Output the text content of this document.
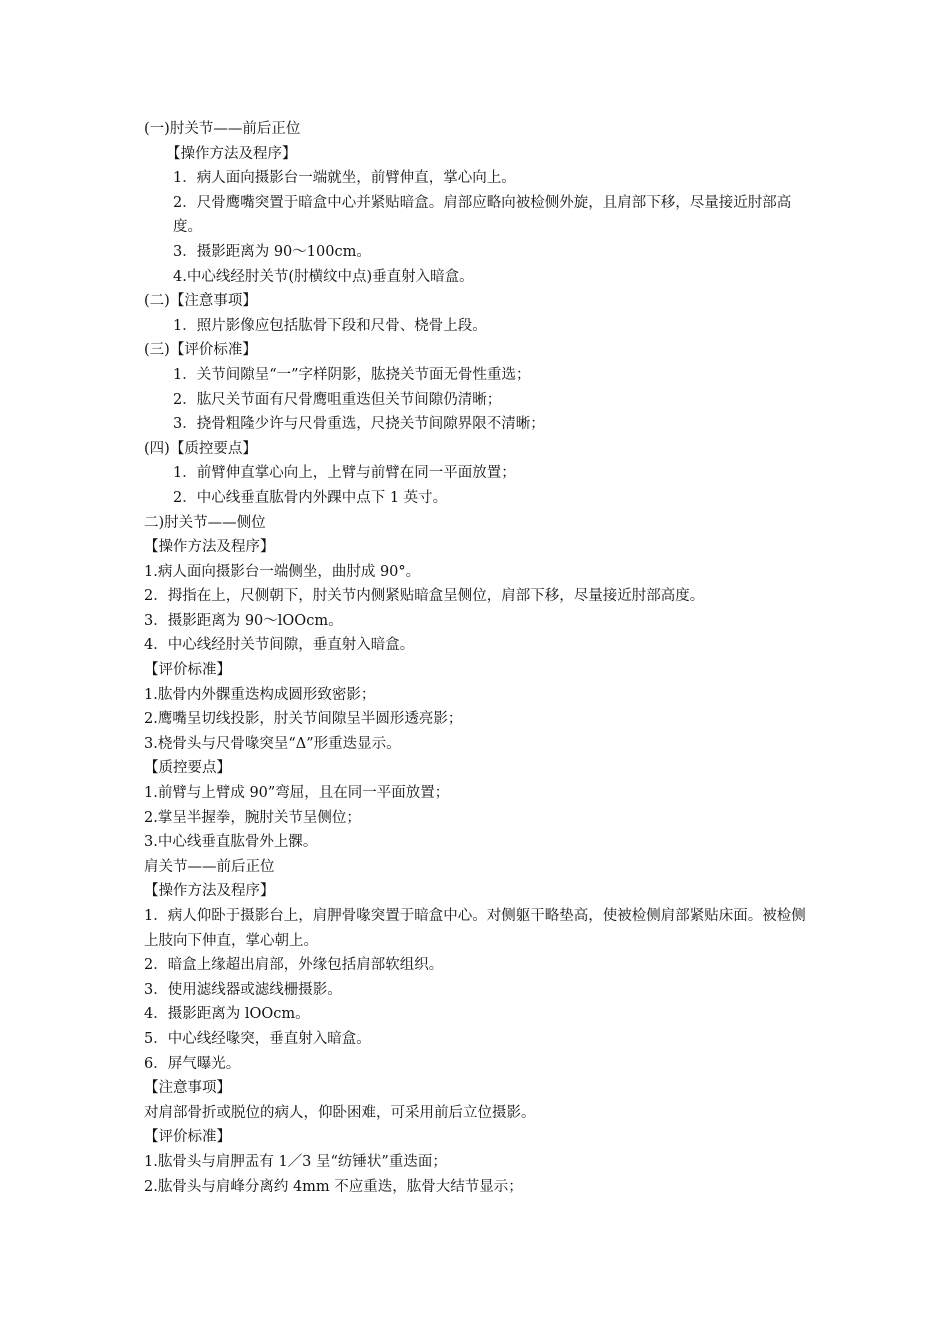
(一)肘关节——前后正位

【操作方法及程序】

1．病人面向摄影台一端就坐，前臂伸直，掌心向上。

2．尺骨鹰嘴突置于暗盒中心并紧贴暗盒。肩部应略向被检侧外旋，且肩部下移，尽量接近肘部高度。

3．摄影距离为 90～100cm。

4.中心线经肘关节(肘横纹中点)垂直射入暗盒。

(二)【注意事项】

1．照片影像应包括肱骨下段和尺骨、桡骨上段。

(三)【评价标准】

1．关节间隙呈“一”字样阴影，肱挠关节面无骨性重选；

2．肱尺关节面有尺骨鹰咀重迭但关节间隙仍清晰；

3．挠骨粗隆少许与尺骨重选，尺挠关节间隙界限不清晰；

(四)【质控要点】

1．前臂伸直掌心向上，上臂与前臂在同一平面放置；

2．中心线垂直肱骨内外踝中点下 1 英寸。

二)肘关节——侧位

【操作方法及程序】

1.病人面向摄影台一端侧坐，曲肘成 90°。

2．拇指在上，尺侧朝下，肘关节内侧紧贴暗盒呈侧位，肩部下移，尽量接近肘部高度。

3．摄影距离为 90～lOOcm。

4．中心线经肘关节间隙，垂直射入暗盒。

【评价标准】

1.肱骨内外髁重迭构成圆形致密影；

2.鹰嘴呈切线投影，肘关节间隙呈半圆形透亮影；

3.桡骨头与尺骨喙突呈“Δ”形重迭显示。

【质控要点】

1.前臂与上臂成 90”弯屈，且在同一平面放置；

2.掌呈半握拳，腕肘关节呈侧位；

3.中心线垂直肱骨外上髁。

肩关节——前后正位

【操作方法及程序】

1．病人仰卧于摄影台上，肩胛骨喙突置于暗盒中心。对侧躯干略垫高，使被检侧肩部紧贴床面。被检侧上肢向下伸直，掌心朝上。

2．暗盒上缘超出肩部，外缘包括肩部软组织。

3．使用滤线器或滤线栅摄影。

4．摄影距离为 lOOcm。

5．中心线经喙突，垂直射入暗盒。

6．屏气曝光。

【注意事项】

对肩部骨折或脱位的病人，仰卧困难，可采用前后立位摄影。

【评价标准】

1.肱骨头与肩胛盂有 1／3 呈“纺锤状”重迭面；

2.肱骨头与肩峰分离约 4mm 不应重迭，肱骨大结节显示；
